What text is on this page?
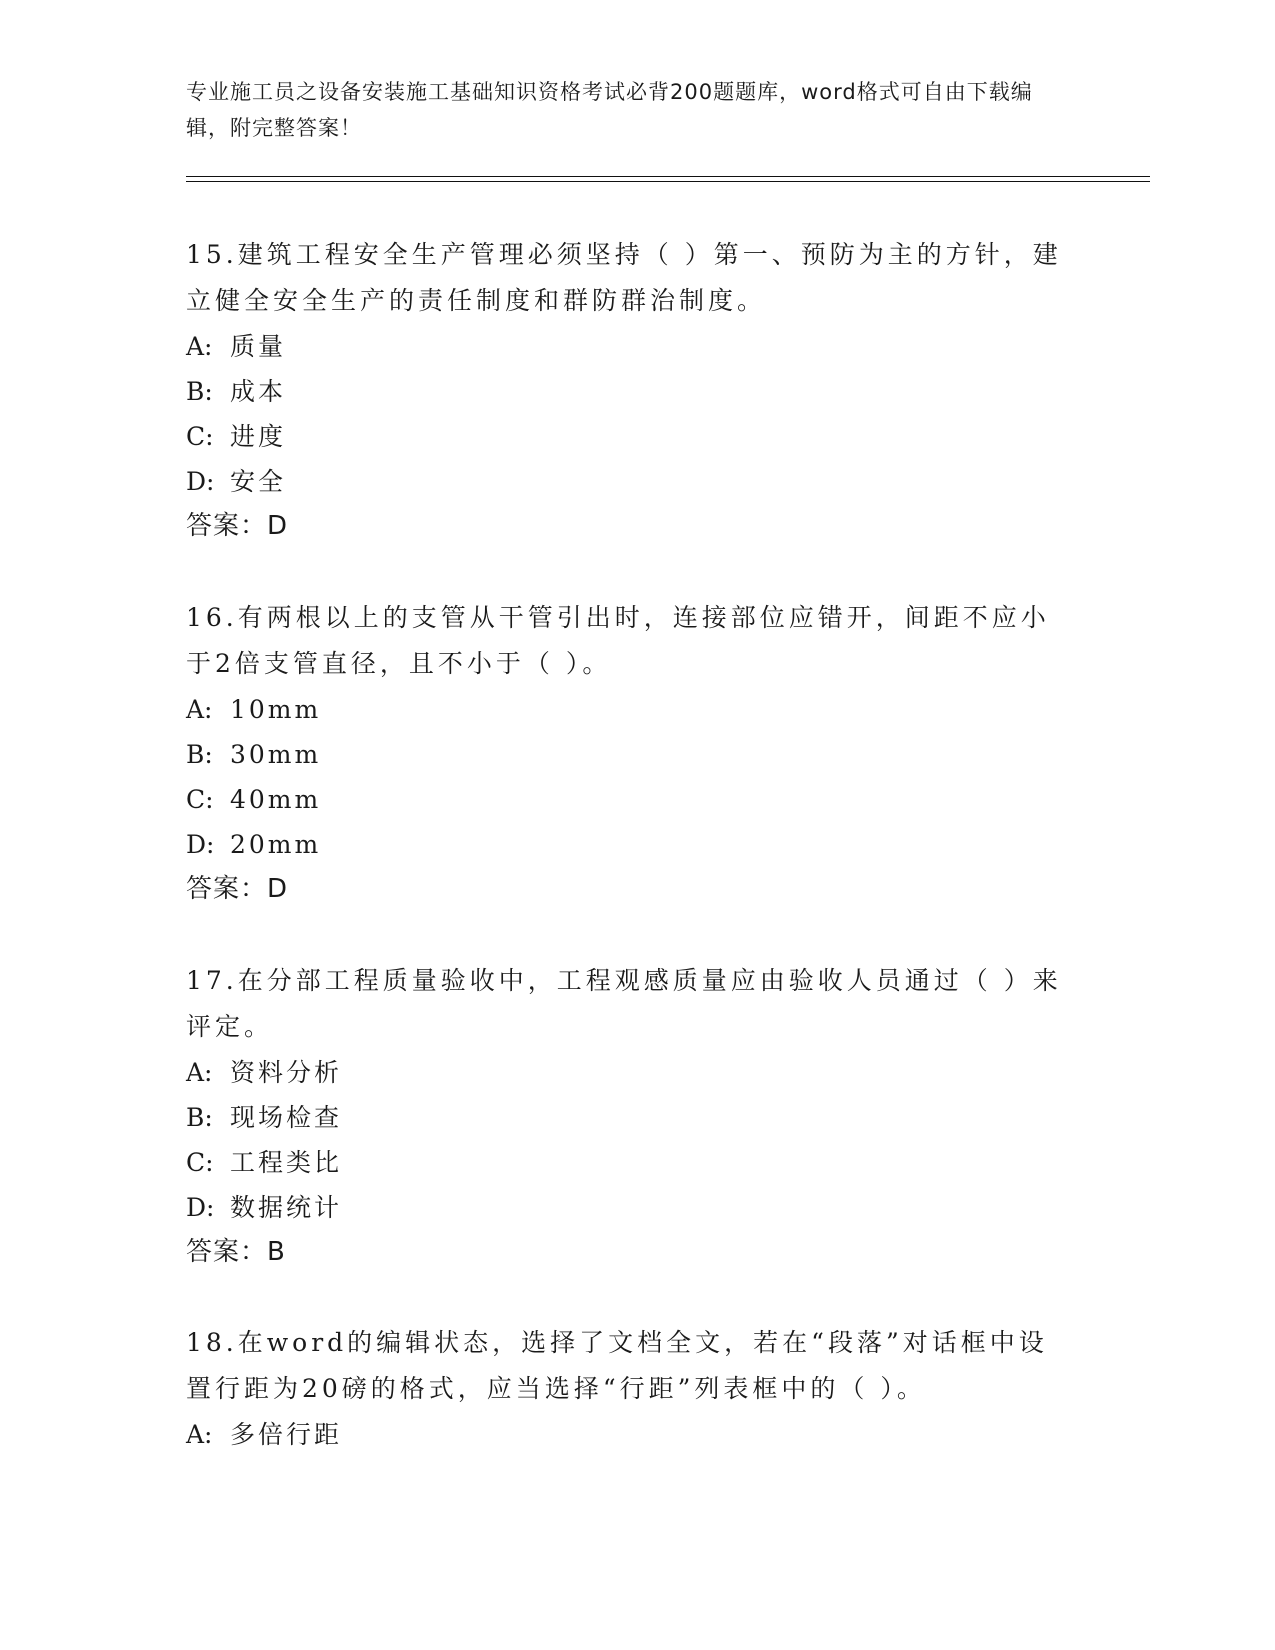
专业施工员之设备安装施工基础知识资格考试必背200题题库，word格式可自由下载编辑，附完整答案！

15.建筑工程安全生产管理必须坚持（ ）第一、预防为主的方针，建立健全安全生产的责任制度和群防群治制度。

A: 质量

B: 成本

C: 进度

D: 安全

答案：D

16.有两根以上的支管从干管引出时，连接部位应错开，间距不应小于2倍支管直径，且不小于（ ）。

A: 10mm

B: 30mm

C: 40mm

D: 20mm

答案：D

17.在分部工程质量验收中，工程观感质量应由验收人员通过（ ）来评定。

A: 资料分析

B: 现场检查

C: 工程类比

D: 数据统计

答案：B

18.在word的编辑状态，选择了文档全文，若在“段落”对话框中设置行距为20磅的格式，应当选择“行距”列表框中的（ ）。

A: 多倍行距
